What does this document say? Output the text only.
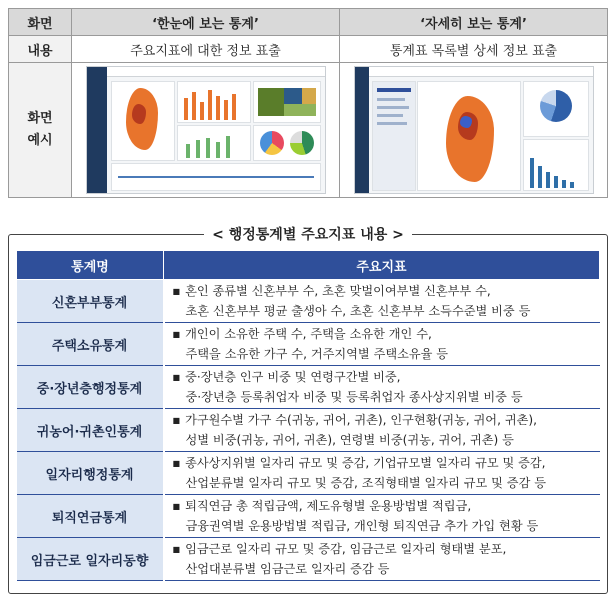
화면	‘한눈에 보는 통계’	‘자세히 보는 통계’
내용	주요지표에 대한 정보 표출	통계표 목록별 상세 정보 표출

화면
예시		

< 행정통계별 주요지표 내용 >
통계명	주요지표
신혼부부통계	■ 혼인 종류별 신혼부부 수, 초혼 맞벌이여부별 신혼부부 수,
초혼 신혼부부 평균 출생아 수, 초혼 신혼부부 소득수준별 비중 등

주택소유통계	■ 개인이 소유한 주택 수, 주택을 소유한 개인 수,
주택을 소유한 가구 수, 거주지역별 주택소유율 등

중·장년층행정통계	■ 중·장년층 인구 비중 및 연령구간별 비중,
중·장년층 등록취업자 비중 및 등록취업자 종사상지위별 비중 등

귀농어·귀촌인통계	■ 가구원수별 가구 수(귀농, 귀어, 귀촌), 인구현황(귀농, 귀어, 귀촌),
성별 비중(귀농, 귀어, 귀촌), 연령별 비중(귀농, 귀어, 귀촌) 등

일자리행정통계	■ 종사상지위별 일자리 규모 및 증감, 기업규모별 일자리 규모 및 증감,
산업분류별 일자리 규모 및 증감, 조직형태별 일자리 규모 및 증감 등

퇴직연금통계	■ 퇴직연금 총 적립금액, 제도유형별 운용방법별 적립금,
금융권역별 운용방법별 적립금, 개인형 퇴직연금 추가 가입 현황 등

임금근로 일자리동향	■ 임금근로 일자리 규모 및 증감, 임금근로 일자리 형태별 분포,
산업대분류별 임금근로 일자리 증감 등
